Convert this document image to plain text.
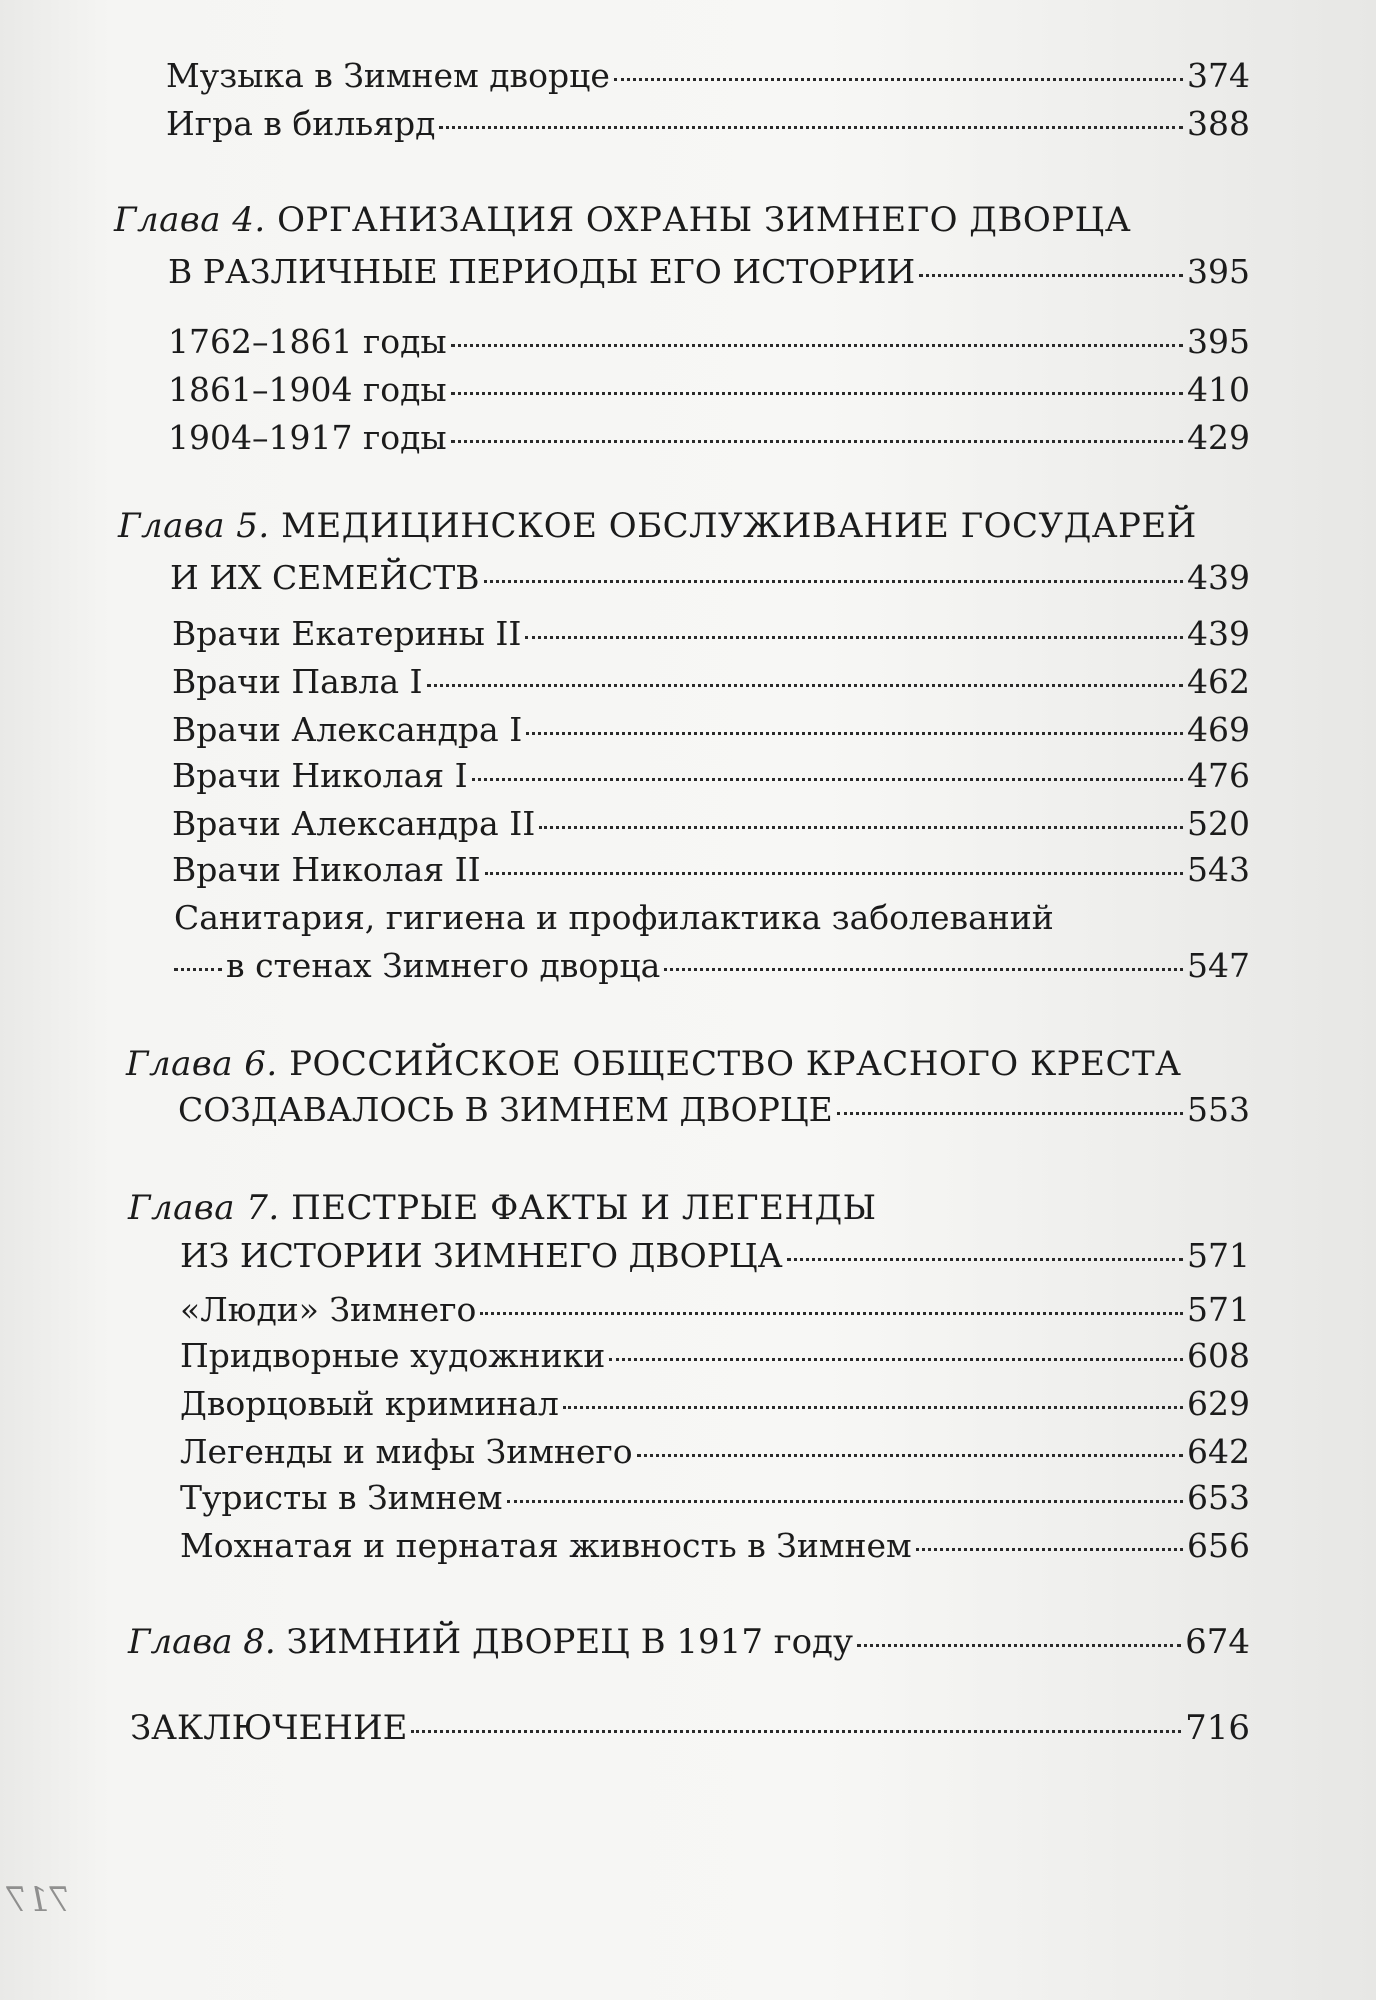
Музыка в Зимнем дворце	374
Игра в бильярд	388
Глава 4. ОРГАНИЗАЦИЯ ОХРАНЫ ЗИМНЕГО ДВОРЦА
В РАЗЛИЧНЫЕ ПЕРИОДЫ ЕГО ИСТОРИИ	395
1762–1861 годы	395
1861–1904 годы	410
1904–1917 годы	429
Глава 5. МЕДИЦИНСКОЕ ОБСЛУЖИВАНИЕ ГОСУДАРЕЙ
И ИХ СЕМЕЙСТВ	439
Врачи Екатерины II	439
Врачи Павла I	462
Врачи Александра I	469
Врачи Николая I	476
Врачи Александра II	520
Врачи Николая II	543
Санитария, гигиена и профилактика заболеваний
в стенах Зимнего дворца	547
Глава 6. РОССИЙСКОЕ ОБЩЕСТВО КРАСНОГО КРЕСТА
СОЗДАВАЛОСЬ В ЗИМНЕМ ДВОРЦЕ	553
Глава 7. ПЕСТРЫЕ ФАКТЫ И ЛЕГЕНДЫ
ИЗ ИСТОРИИ ЗИМНЕГО ДВОРЦА	571
«Люди» Зимнего	571
Придворные художники	608
Дворцовый криминал	629
Легенды и мифы Зимнего	642
Туристы в Зимнем	653
Мохнатая и пернатая живность в Зимнем	656
Глава 8. ЗИМНИЙ ДВОРЕЦ В 1917 году	674
ЗАКЛЮЧЕНИЕ	716
717
